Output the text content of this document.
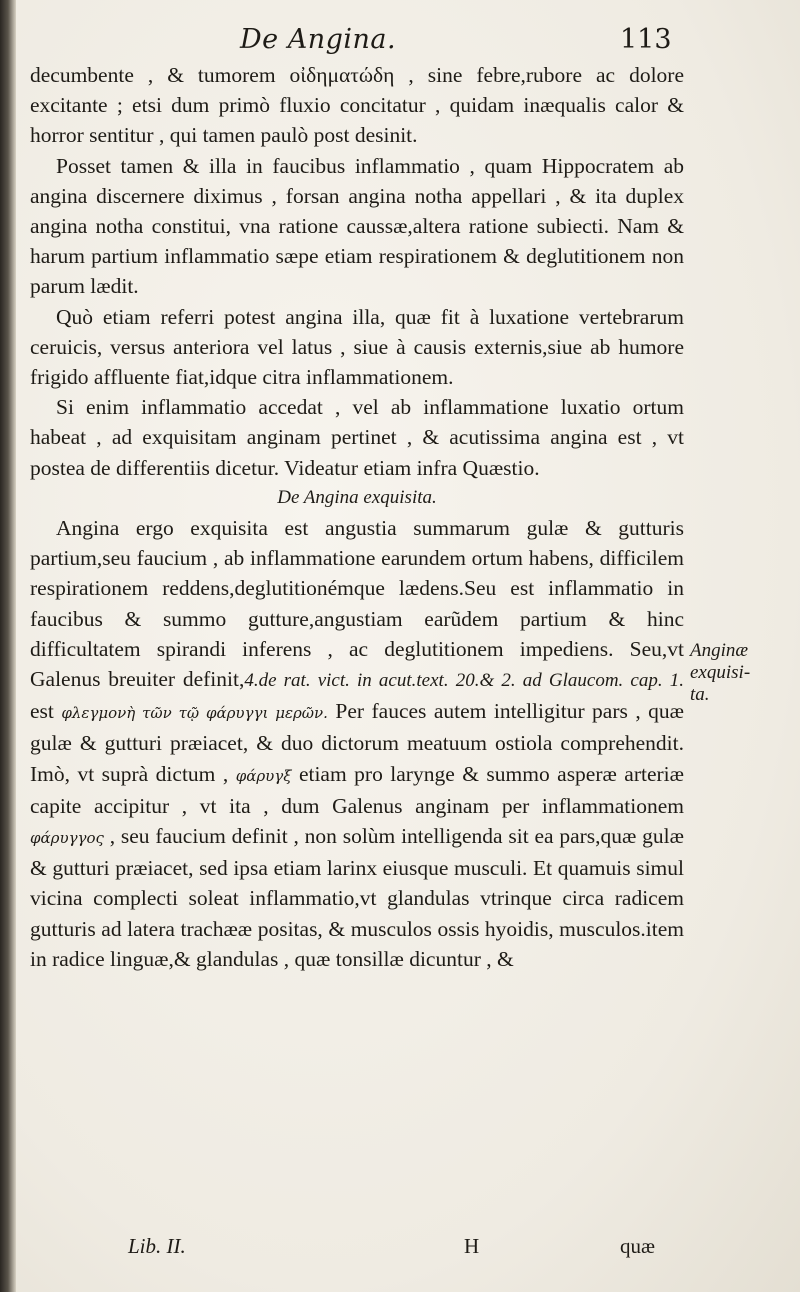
De Angina.	113

decumbente , & tumorem οἰδηματώδη , sine febre,rubore ac dolore excitante ; etsi dum primò fluxio concitatur , quidam inæqualis calor & horror sentitur , qui tamen paulò post desinit.

Posset tamen & illa in faucibus inflammatio , quam Hippocratem ab angina discernere diximus , forsan angina notha appellari , & ita duplex angina notha constitui, vna ratione caussæ,altera ratione subiecti. Nam & harum partium inflammatio sæpe etiam respirationem & deglutitionem non parum lædit.

Quò etiam referri potest angina illa, quæ fit à luxatione vertebrarum ceruicis, versus anteriora vel latus , siue à causis externis,siue ab humore frigido affluente fiat,idque citra inflammationem.

Si enim inflammatio accedat , vel ab inflammatione luxatio ortum habeat , ad exquisitam anginam pertinet , & acutissima angina est , vt postea de differentiis dicetur. Videatur etiam infra Quæstio.

De Angina exquisita.

Angina ergo exquisita est angustia summarum gulæ & gutturis partium,seu faucium , ab inflammatione earundem ortum habens, difficilem respirationem reddens,deglutitionémque lædens.Seu est inflammatio in faucibus & summo gutture,angustiam earũdem partium & hinc difficultatem spirandi inferens , ac deglutitionem impediens. Seu,vt Galenus breuiter definit,4.de rat. vict. in acut.text. 20.& 2. ad Glaucom. cap. 1. est φλεγμονὴ τῶν τῷ φάρυγγι μερῶν. Per fauces autem intelligitur pars , quæ gulæ & gutturi præiacet, & duo dictorum meatuum ostiola comprehendit. Imò, vt suprà dictum , φάρυγξ etiam pro larynge & summo asperæ arteriæ capite accipitur , vt ita , dum Galenus anginam per inflammationem φάρυγγος , seu faucium definit , non solùm intelligenda sit ea pars,quæ gulæ & gutturi præiacet, sed ipsa etiam larinx eiusque musculi. Et quamuis simul vicina complecti soleat inflammatio,vt glandulas vtrinque circa radicem gutturis ad latera trachææ positas, & musculos ossis hyoidis, musculos.item in radice linguæ,& glandulas , quæ tonsillæ dicuntur , &

Anginæ
exquisi-
ta.
Lib. II.	H	quæ
